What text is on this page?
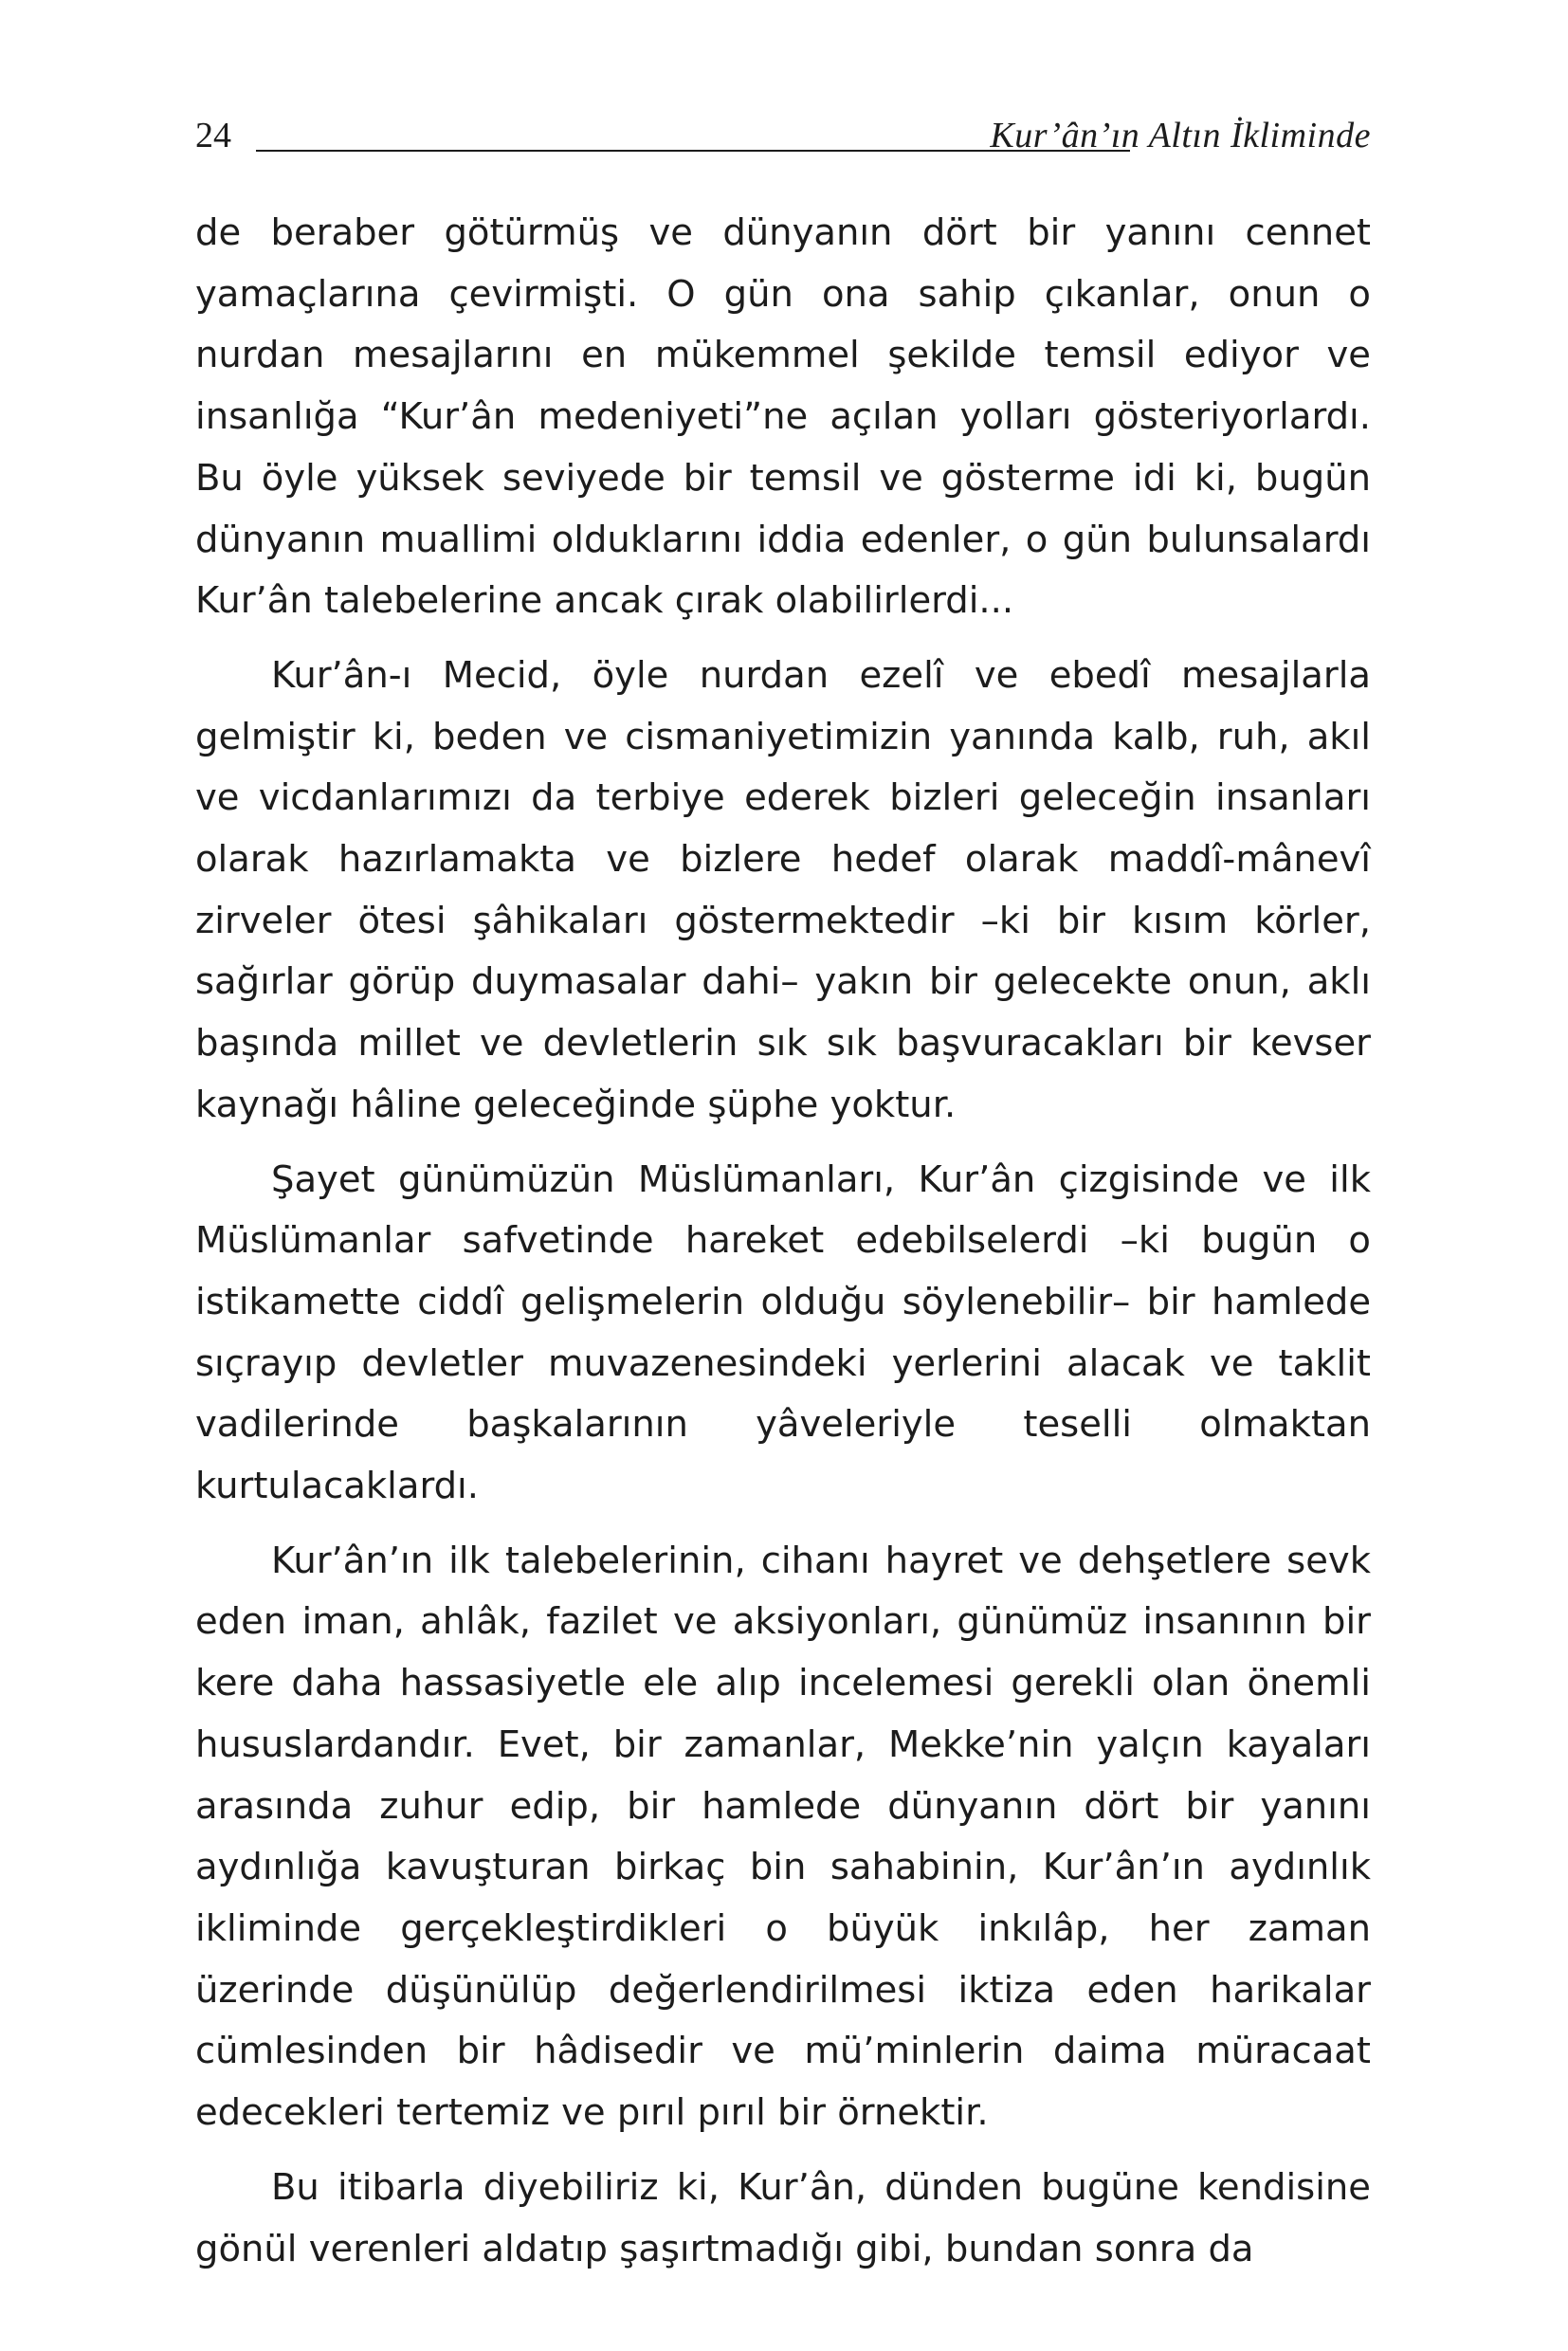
24	Kur’ân’ın Altın İkliminde

de beraber götürmüş ve dünyanın dört bir yanını cennet yamaçlarına çevirmişti. O gün ona sahip çıkanlar, onun o nurdan mesajlarını en mükemmel şekilde temsil ediyor ve insanlığa “Kur’ân medeniyeti”ne açılan yolları gösteriyorlardı. Bu öyle yüksek seviyede bir temsil ve gösterme idi ki, bugün dünyanın muallimi olduklarını iddia edenler, o gün bulunsalardı Kur’ân talebelerine ancak çırak olabilirlerdi...

Kur’ân-ı Mecid, öyle nurdan ezelî ve ebedî mesajlarla gelmiştir ki, beden ve cismaniyetimizin yanında kalb, ruh, akıl ve vicdanlarımızı da terbiye ederek bizleri geleceğin insanları olarak hazırlamakta ve bizlere hedef olarak maddî-mânevî zirveler ötesi şâhikaları göstermektedir –ki bir kısım körler, sağırlar görüp duymasalar dahi– yakın bir gelecekte onun, aklı başında millet ve devletlerin sık sık başvuracakları bir kevser kaynağı hâline geleceğinde şüphe yoktur.

Şayet günümüzün Müslümanları, Kur’ân çizgisinde ve ilk Müslümanlar safvetinde hareket edebilselerdi –ki bugün o istikamette ciddî gelişmelerin olduğu söylenebilir– bir hamlede sıçrayıp devletler muvazenesindeki yerlerini alacak ve taklit vadilerinde başkalarının yâveleriyle teselli olmaktan kurtulacaklardı.

Kur’ân’ın ilk talebelerinin, cihanı hayret ve dehşetlere sevk eden iman, ahlâk, fazilet ve aksiyonları, günümüz insanının bir kere daha hassasiyetle ele alıp incelemesi gerekli olan önemli hususlardandır. Evet, bir zamanlar, Mekke’nin yalçın kayaları arasında zuhur edip, bir hamlede dünyanın dört bir yanını aydınlığa kavuşturan birkaç bin sahabinin, Kur’ân’ın aydınlık ikliminde gerçekleştirdikleri o büyük inkılâp, her zaman üzerinde düşünülüp değerlendirilmesi iktiza eden harikalar cümlesinden bir hâdisedir ve mü’minlerin daima müracaat edecekleri tertemiz ve pırıl pırıl bir örnektir.

Bu itibarla diyebiliriz ki, Kur’ân, dünden bugüne kendisine gönül verenleri aldatıp şaşırtmadığı gibi, bundan sonra da
